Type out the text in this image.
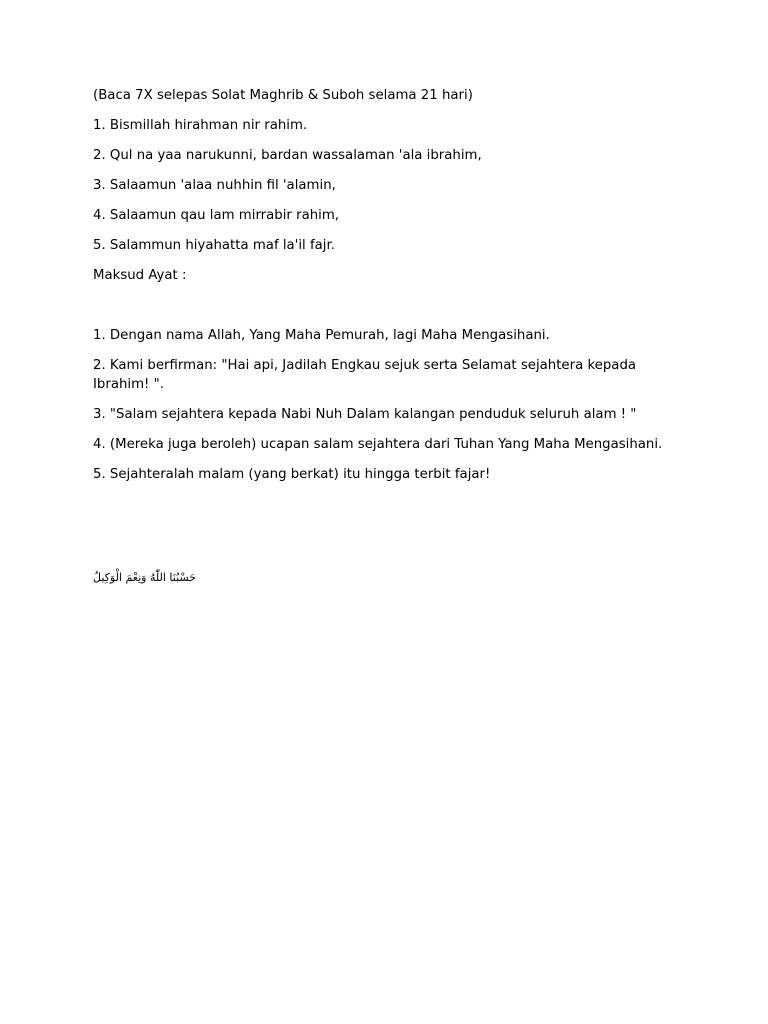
(Baca 7X selepas Solat Maghrib & Suboh selama 21 hari)

1. Bismillah hirahman nir rahim.

2. Qul na yaa narukunni, bardan wassalaman 'ala ibrahim,

3. Salaamun 'alaa nuhhin fil 'alamin,

4. Salaamun qau lam mirrabir rahim,

5. Salammun hiyahatta maf la'il fajr.

Maksud Ayat :

1. Dengan nama Allah, Yang Maha Pemurah, lagi Maha Mengasihani.

2. Kami berfirman: "Hai api, Jadilah Engkau sejuk serta Selamat sejahtera kepada Ibrahim! ".

3. "Salam sejahtera kepada Nabi Nuh Dalam kalangan penduduk seluruh alam ! "

4. (Mereka juga beroleh) ucapan salam sejahtera dari Tuhan Yang Maha Mengasihani.

5. Sejahteralah malam (yang berkat) itu hingga terbit fajar!

حَسْبُنَا اللّٰهُ وَنِعْمَ الْوَكِيلُ
